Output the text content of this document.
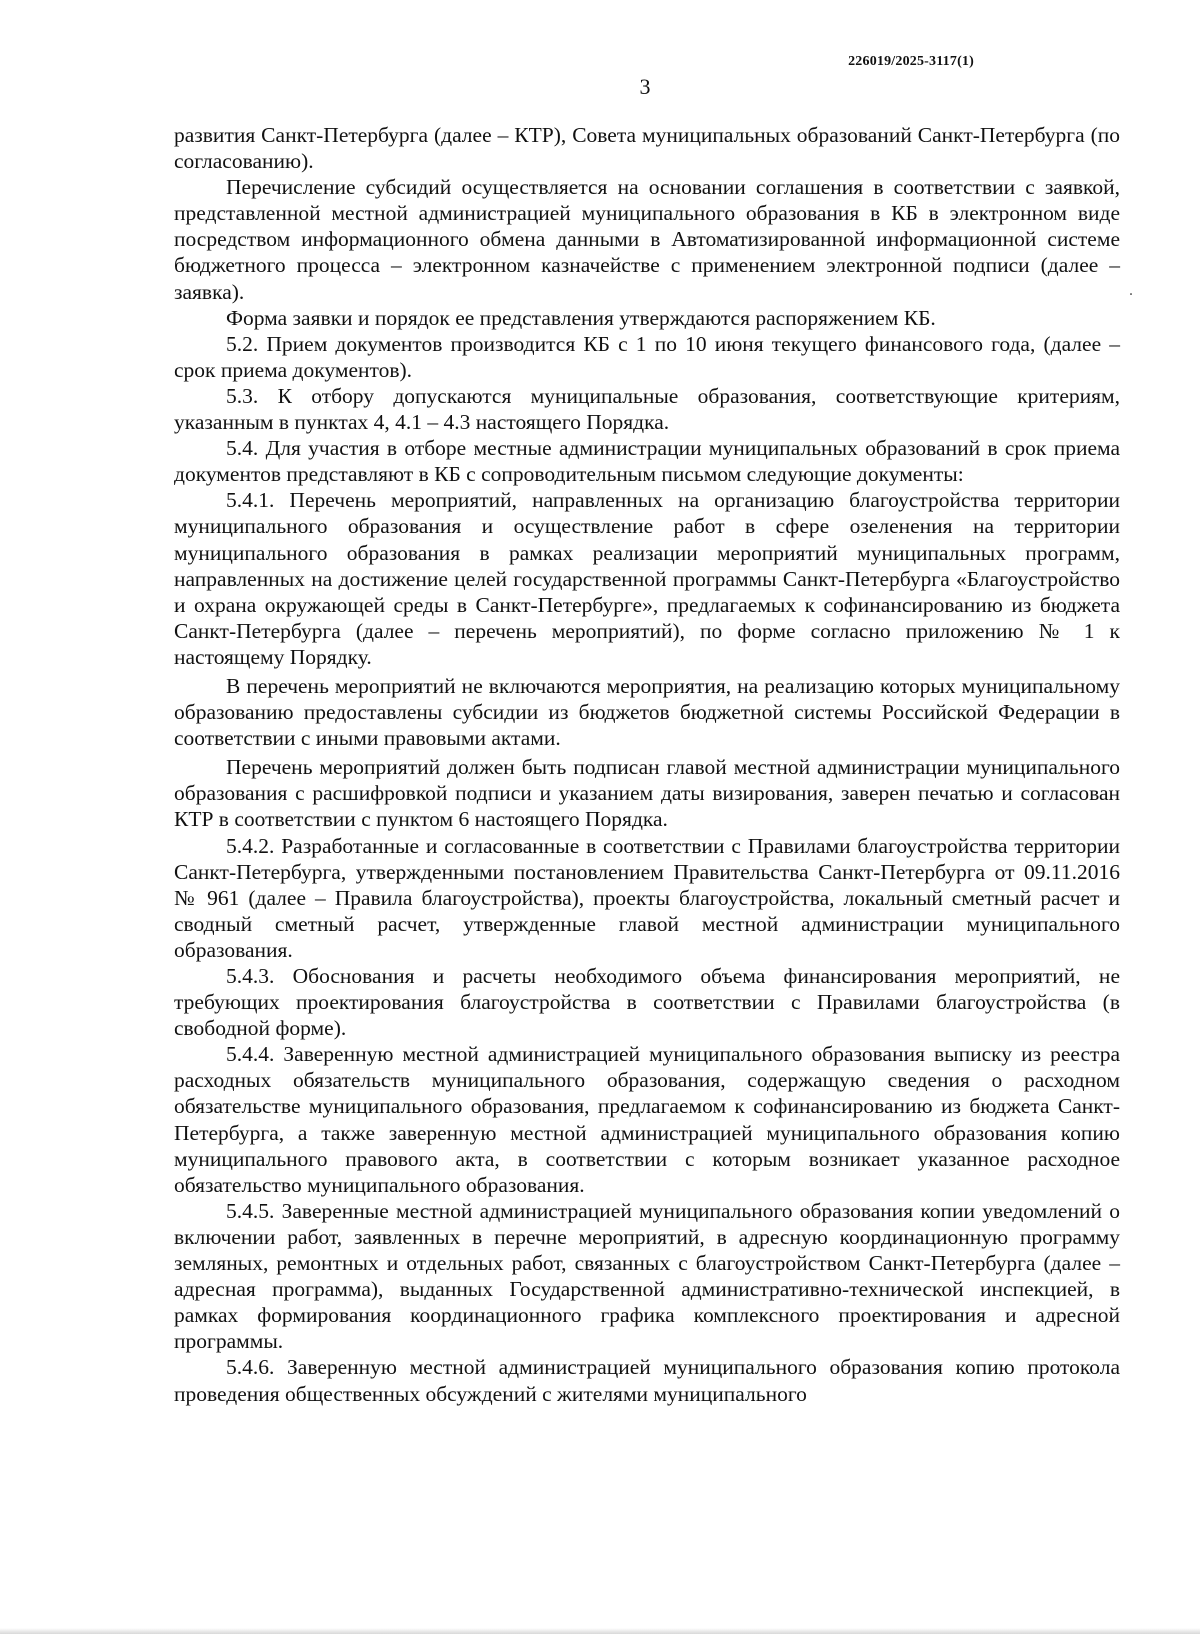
226019/2025-3117(1)
3
.

развития Санкт-Петербурга (далее – КТР), Совета муниципальных образований Санкт-Петербурга (по согласованию).

Перечисление субсидий осуществляется на основании соглашения в соответствии с заявкой, представленной местной администрацией муниципального образования в КБ в электронном виде посредством информационного обмена данными в Автоматизированной информационной системе бюджетного процесса – электронном казначействе с применением электронной подписи (далее – заявка).

Форма заявки и порядок ее представления утверждаются распоряжением КБ.

5.2. Прием документов производится КБ с 1 по 10 июня текущего финансового года, (далее – срок приема документов).

5.3. К отбору допускаются муниципальные образования, соответствующие критериям, указанным в пунктах 4, 4.1 – 4.3 настоящего Порядка.

5.4. Для участия в отборе местные администрации муниципальных образований в срок приема документов представляют в КБ с сопроводительным письмом следующие документы:

5.4.1. Перечень мероприятий, направленных на организацию благоустройства территории муниципального образования и осуществление работ в сфере озеленения на территории муниципального образования в рамках реализации мероприятий муниципальных программ, направленных на достижение целей государственной программы Санкт-Петербурга «Благоустройство и охрана окружающей среды в Санкт-Петербурге», предлагаемых к софинансированию из бюджета Санкт-Петербурга (далее – перечень мероприятий), по форме согласно приложению № 1 к настоящему Порядку.

В перечень мероприятий не включаются мероприятия, на реализацию которых муниципальному образованию предоставлены субсидии из бюджетов бюджетной системы Российской Федерации в соответствии с иными правовыми актами.

Перечень мероприятий должен быть подписан главой местной администрации муниципального образования с расшифровкой подписи и указанием даты визирования, заверен печатью и согласован КТР в соответствии с пунктом 6 настоящего Порядка.

5.4.2. Разработанные и согласованные в соответствии с Правилами благоустройства территории Санкт-Петербурга, утвержденными постановлением Правительства Санкт-Петербурга от 09.11.2016 № 961 (далее – Правила благоустройства), проекты благоустройства, локальный сметный расчет и сводный сметный расчет, утвержденные главой местной администрации муниципального образования.

5.4.3. Обоснования и расчеты необходимого объема финансирования мероприятий, не требующих проектирования благоустройства в соответствии с Правилами благоустройства (в свободной форме).

5.4.4. Заверенную местной администрацией муниципального образования выписку из реестра расходных обязательств муниципального образования, содержащую сведения о расходном обязательстве муниципального образования, предлагаемом к софинансированию из бюджета Санкт-Петербурга, а также заверенную местной администрацией муниципального образования копию муниципального правового акта, в соответствии с которым возникает указанное расходное обязательство муниципального образования.

5.4.5. Заверенные местной администрацией муниципального образования копии уведомлений о включении работ, заявленных в перечне мероприятий, в адресную координационную программу земляных, ремонтных и отдельных работ, связанных с благоустройством Санкт-Петербурга (далее – адресная программа), выданных Государственной административно-технической инспекцией, в рамках формирования координационного графика комплексного проектирования и адресной программы.

5.4.6. Заверенную местной администрацией муниципального образования копию протокола проведения общественных обсуждений с жителями муниципального
